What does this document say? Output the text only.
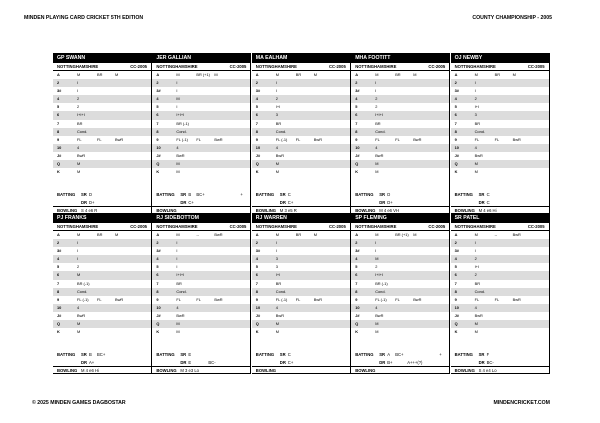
MINDEN PLAYING CARD CRICKET 5TH EDITION	COUNTY CHAMPIONSHIP - 2005
GP SWANN
NOTTINGHAMSHIRE	CC-2005
A	M	BR	M
2	I
3#	I
4	2
5	2
6	I+I+I
7	BR
8	Cond.
9	FL	FL	BwR
10	4
J#	BwR
Q	M
K	M
BATTING SR D
DR D+
BOWLING S 4 e6 R
JER GALLIAN
NOTTINGHAMSHIRE	CC-2005
A	M	BR (+1) M
2	I
3#	I
4	M
5	I
6	I+I+I
7	BR (-1)
8	Cond.
9	FL (-1) FL	BwR
10	4
J#	BwR
Q	M
K	M
BATTING SR B BC+	+
DR C+
BOWLING
MA EALHAM
NOTTINGHAMSHIRE	CC-2005
A	M	BR	M
2	I
3#	I
4	2
5	I+I
6	3
7	BR
8	Cond.
9	FL (-1) FL	BwR
10	4
J#	BwR
Q	M
K	M
BATTING SR C
DR C+
BOWLING M 3 e5 R
MHA FOOTITT
NOTTINGHAMSHIRE	CC-2005
A	M	BR	M
2	I
3#	I
4	2
5	2
6	I+I+I
7	BR
8	Cond.
9	FL	FL	BwR
10	4
J#	BwR
Q	M
K	M
BATTING SR D
DR D+
BOWLING M 4 e6 VH
OJ NEWBY
NOTTINGHAMSHIRE	CC-2005
A	M	BR	M
2	I
3#	I
4	2
5	I+I
6	3
7	BR
8	Cond.
9	FL	FL	BwR
10	4
J#	BwR
Q	M
K	M
BATTING SR C
DR C
BOWLING M 4 e6 Hi
PJ FRANKS
NOTTINGHAMSHIRE	CC-2005
A	M	BR	M
2	I
3#	I
4	I
5	2
6	M
7	BR (-1)
8	Cond.
9	FL (-1) FL	BwR
10	4
J#	BwR
Q	M
K	M
BATTING SR B BC+
DR A+
BOWLING M 4 e6 Hi
RJ SIDEBOTTOM
NOTTINGHAMSHIRE	CC-2005
A	M	--	BwR
2	I
3#	I
4	I
5	I
6	I+I+I
7	BR
8	Cond.
9	FL	FL	BwR
10	4
J#	BwR
Q	M
K	M
BATTING SR E
DR E	BC-
BOWLING M 3 e3 Lo
RJ WARREN
NOTTINGHAMSHIRE	CC-2005
A	M	BR	M
2	I
3#	I
4	3
5	3
6	I+I
7	BR
8	Cond.
9	FL (-1) FL	BwR
10	4
J#	BwR
Q	M
K	M
BATTING SR C
DR C+
BOWLING
SP FLEMING
NOTTINGHAMSHIRE	CC-2005
A	M	BR (+1) M
2	I
3#	I
4	M
5	2
6	I+I+I
7	BR (-1)
8	Cond.
9	FL (-1) FL	BwR
10	4
J#	BwR
Q	M
K	M
BATTING SR A BC+	+
DR B+	A+++(?)
BOWLING
SR PATEL
NOTTINGHAMSHIRE	CC-2005
A	M	--	BwR
2	I
3#	I
4	2
5	I+I
6	2
7	BR
8	Cond.
9	FL	FL	BwR
10	4
J#	BwR
Q	M
K	M
BATTING SR F
DR BC-
BOWLING S 4 e4 Lo
© 2025 MINDEN GAMES DAGBOSTAR	MINDENCRICKET.COM
